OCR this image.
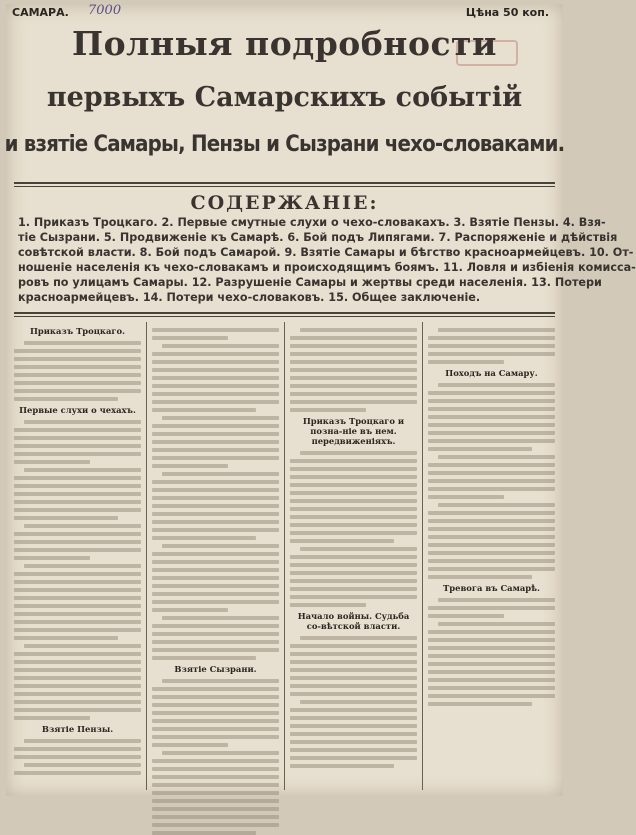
САМАРА. 7000	Цѣна 50 коп.
Полныя подробности
первыхъ Самарскихъ событій
и взятіе Самары, Пензы и Сызрани чехо-словаками.
СОДЕРЖАНІЕ:
1. Приказъ Троцкаго. 2. Первые смутные слухи о чехо-словакахъ. 3. Взятіе Пензы. 4. Взя-
тіе Сызрани. 5. Продвиженіе къ Самарѣ. 6. Бой подъ Липягами. 7. Распоряженіе и дѣйствія
совѣтской власти. 8. Бой подъ Самарой. 9. Взятіе Самары и бѣгство красноармейцевъ. 10. От-
ношеніе населенія къ чехо-словакамъ и происходящимъ боямъ. 11. Ловля и избіенія комисса-
ровъ по улицамъ Самары. 12. Разрушеніе Самары и жертвы среди населенія. 13. Потери
красноармейцевъ. 14. Потери чехо-словаковъ. 15. Общее заключеніе.
Приказъ Троцкаго.
Первые слухи о чехахъ.
Взятіе Пензы.
Взятіе Сызрани.
Приказъ Троцкаго и позна-ніе въ нем. передвиженіяхъ.
Начало войны. Судьба со-вѣтской власти.
Походъ на Самару.
Тревога въ Самарѣ.
